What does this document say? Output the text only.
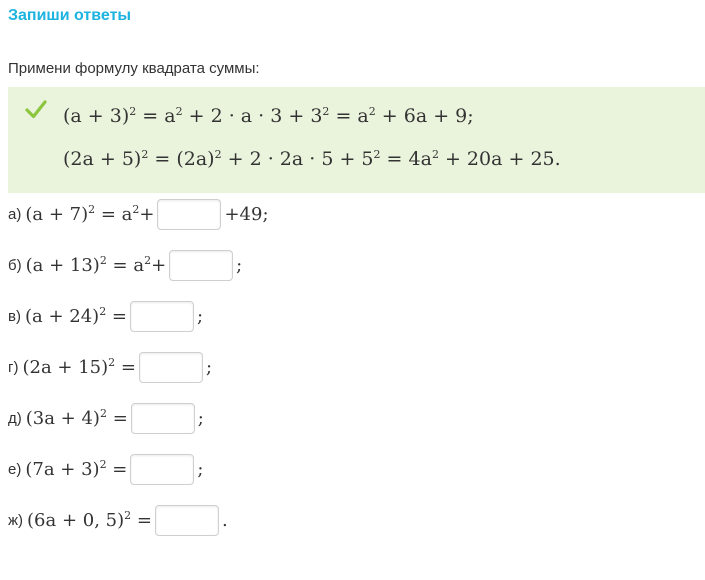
Запиши ответы
Примени формулу квадрата суммы:
$(a + 3)^2 = a^2 + 2 \cdot a \cdot 3 + 3^2 = a^2 + 6a + 9$;
$(2a + 5)^2 = (2a)^2 + 2 \cdot 2a \cdot 5 + 5^2 = 4a^2 + 20a + 25$.
а) $(a + 7)^2 = a^2+$	+49;
б) $(a + 13)^2 = a^2+$	;
в) $(a + 24)^2$ =	;
г) $(2a + 15)^2$ =	;
д) $(3a + 4)^2$ =	;
е) $(7a + 3)^2$ =	;
ж) (6a + 0, 5)$^2$ =	.
